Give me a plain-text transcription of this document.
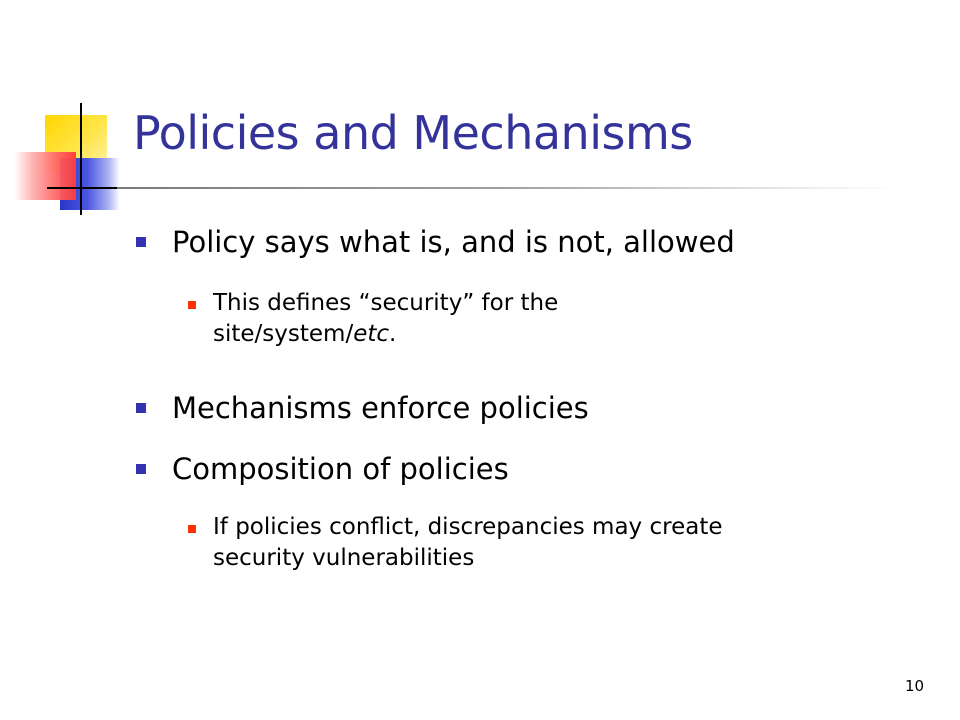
Policies and Mechanisms
Policy says what is, and is not, allowed
This defines “security” for the site/system/etc.
Mechanisms enforce policies
Composition of policies
If policies conflict, discrepancies may create security vulnerabilities
10
